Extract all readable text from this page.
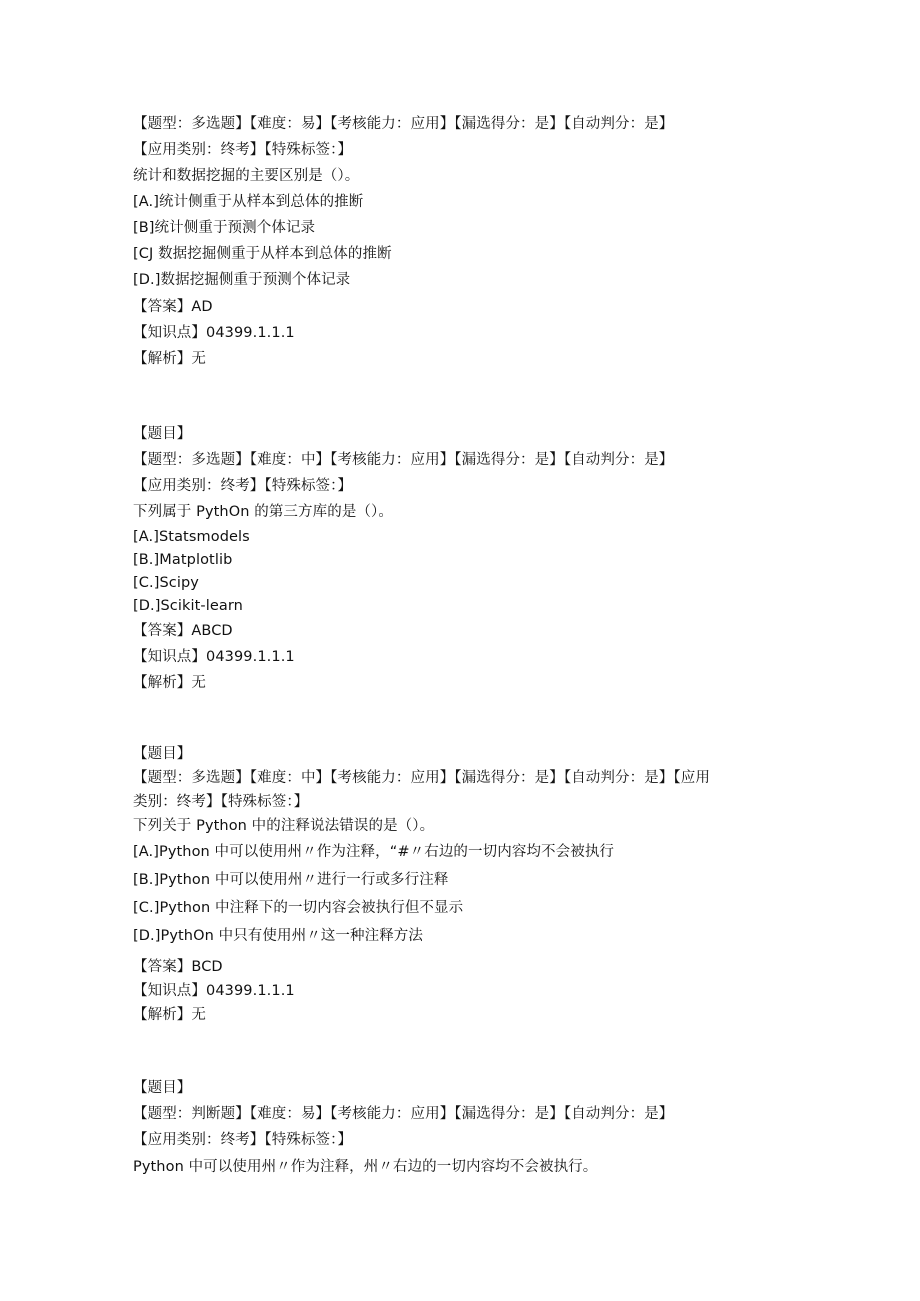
【题型：多选题】【难度：易】【考核能力：应用】【漏选得分：是】【自动判分：是】

【应用类别：终考】【特殊标签：】

统计和数据挖掘的主要区别是（）。

[A.]统计侧重于从样本到总体的推断

[B]统计侧重于预测个体记录

[CJ 数据挖掘侧重于从样本到总体的推断

[D.]数据挖掘侧重于预测个体记录

【答案】AD

【知识点】04399.1.1.1

【解析】无

【题目】

【题型：多选题】【难度：中】【考核能力：应用】【漏选得分：是】【自动判分：是】

【应用类别：终考】【特殊标签：】

下列属于 PythOn 的第三方库的是（）。

[A.]Statsmodels

[B.]Matplotlib

[C.]Scipy

[D.]Scikit-learn

【答案】ABCD

【知识点】04399.1.1.1

【解析】无

【题目】

【题型：多选题】【难度：中】【考核能力：应用】【漏选得分：是】【自动判分：是】【应用

类别：终考】【特殊标签：】

下列关于 Python 中的注释说法错误的是（）。

[A.]Python 中可以使用州〃作为注释，“#〃右边的一切内容均不会被执行

[B.]Python 中可以使用州〃进行一行或多行注释

[C.]Python 中注释下的一切内容会被执行但不显示

[D.]PythOn 中只有使用州〃这一种注释方法

【答案】BCD

【知识点】04399.1.1.1

【解析】无

【题目】

【题型：判断题】【难度：易】【考核能力：应用】【漏选得分：是】【自动判分：是】

【应用类别：终考】【特殊标签：】

Python 中可以使用州〃作为注释，州〃右边的一切内容均不会被执行。
